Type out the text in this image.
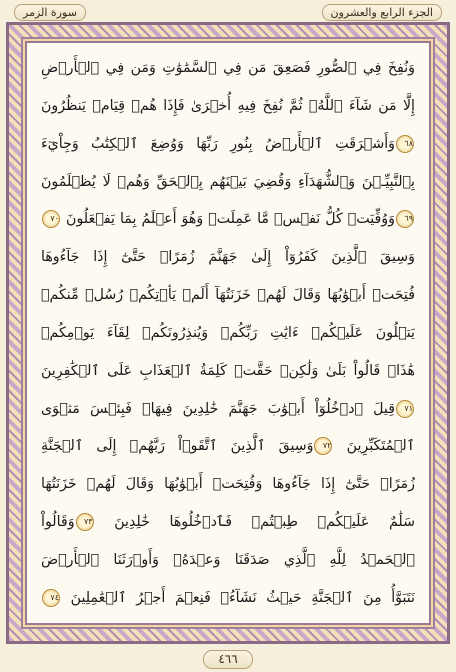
الجزء الرابع والعشرون
سورة الزمر
وَنُفِخَ فِي ٱلصُّورِ فَصَعِقَ مَن فِي ٱلسَّمَٰوَٰتِ وَمَن فِي ٱلۡأَرۡضِ
إِلَّا مَن شَآءَ ٱللَّهُۖ ثُمَّ نُفِخَ فِيهِ أُخۡرَىٰ فَإِذَا هُمۡ قِيَامٞ يَنظُرُونَ
٦٨وَأَشۡرَقَتِ ٱلۡأَرۡضُ بِنُورِ رَبِّهَا وَوُضِعَ ٱلۡكِتَٰبُ وَجِاْيٓءَ
بِٱلنَّبِيِّـۧنَ وَٱلشُّهَدَآءِ وَقُضِيَ بَيۡنَهُم بِٱلۡحَقِّ وَهُمۡ لَا يُظۡلَمُونَ
٦٩وَوُفِّيَتۡ كُلُّ نَفۡسٖ مَّا عَمِلَتۡ وَهُوَ أَعۡلَمُ بِمَا يَفۡعَلُونَ ٧٠
وَسِيقَ ٱلَّذِينَ كَفَرُوٓاْ إِلَىٰ جَهَنَّمَ زُمَرًاۖ حَتَّىٰٓ إِذَا جَآءُوهَا
فُتِحَتۡ أَبۡوَٰبُهَا وَقَالَ لَهُمۡ خَزَنَتُهَآ أَلَمۡ يَأۡتِكُمۡ رُسُلٞ مِّنكُمۡ
يَتۡلُونَ عَلَيۡكُمۡ ءَايَٰتِ رَبِّكُمۡ وَيُنذِرُونَكُمۡ لِقَآءَ يَوۡمِكُمۡ
هَٰذَاۚ قَالُواْ بَلَىٰ وَلَٰكِنۡ حَقَّتۡ كَلِمَةُ ٱلۡعَذَابِ عَلَى ٱلۡكَٰفِرِينَ
٧١قِيلَ ٱدۡخُلُوٓاْ أَبۡوَٰبَ جَهَنَّمَ خَٰلِدِينَ فِيهَاۖ فَبِئۡسَ مَثۡوَى
ٱلۡمُتَكَبِّرِينَ ٧٢وَسِيقَ ٱلَّذِينَ ٱتَّقَوۡاْ رَبَّهُمۡ إِلَى ٱلۡجَنَّةِ
زُمَرًاۖ حَتَّىٰٓ إِذَا جَآءُوهَا وَفُتِحَتۡ أَبۡوَٰبُهَا وَقَالَ لَهُمۡ خَزَنَتُهَا
سَلَٰمٌ عَلَيۡكُمۡ طِبۡتُمۡ فَٱدۡخُلُوهَا خَٰلِدِينَ ٧٣وَقَالُواْ
ٱلۡحَمۡدُ لِلَّهِ ٱلَّذِي صَدَقَنَا وَعۡدَهُۥ وَأَوۡرَثَنَا ٱلۡأَرۡضَ
نَتَبَوَّأُ مِنَ ٱلۡجَنَّةِ حَيۡثُ نَشَآءُۖ فَنِعۡمَ أَجۡرُ ٱلۡعَٰمِلِينَ ٧٤
٤٦٦
